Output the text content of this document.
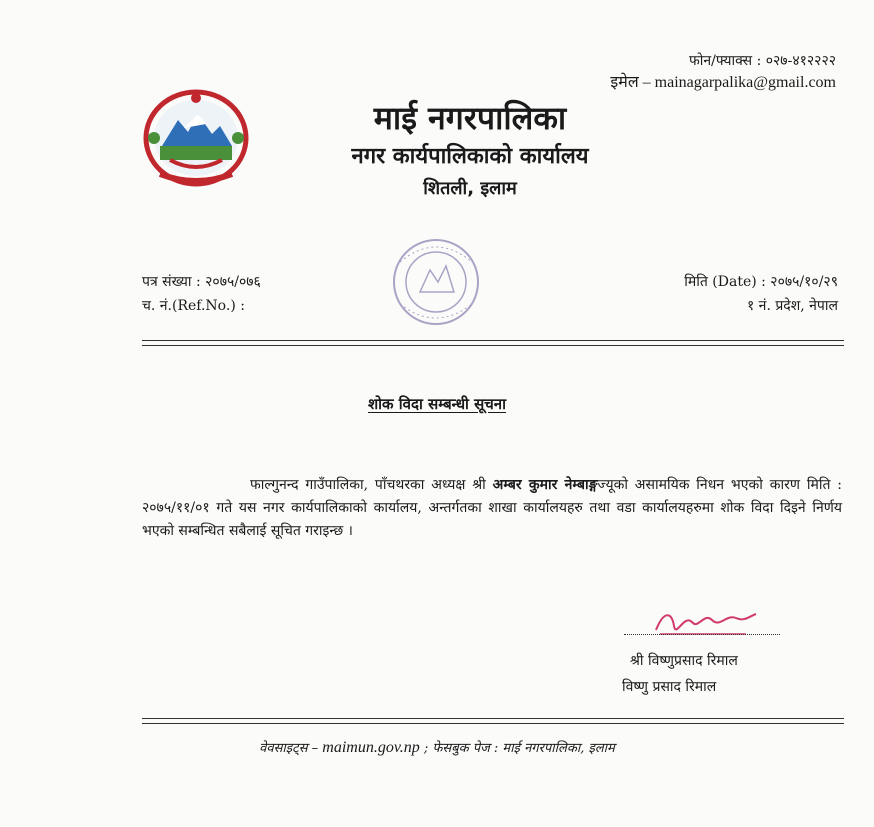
फोन/फ्याक्स : ०२७-४१२२२२
इमेल – mainagarpalika@gmail.com
माई नगरपालिका
नगर कार्यपालिकाको कार्यालय
शितली, इलाम
पत्र संख्या : २०७५/०७६
च. नं.(Ref.No.) :
मिति (Date) : २०७५/१०/२९
१ नं. प्रदेश, नेपाल
शोक विदा सम्बन्धी सूचना
फाल्गुनन्द गाउँपालिका, पाँचथरका अध्यक्ष श्री अम्बर कुमार नेम्बाङ्गज्यूको असामयिक निधन भएको कारण मिति : २०७५/११/०१ गते यस नगर कार्यपालिकाको कार्यालय, अन्तर्गतका शाखा कार्यालयहरु तथा वडा कार्यालयहरुमा शोक विदा दिइने निर्णय भएको सम्बन्धित सबैलाई सूचित गराइन्छ ।
श्री विष्णुप्रसाद रिमाल
विष्णु प्रसाद रिमाल
वेवसाइट्स – maimun.gov.np ; फेसबुक पेज : माई नगरपालिका, इलाम
